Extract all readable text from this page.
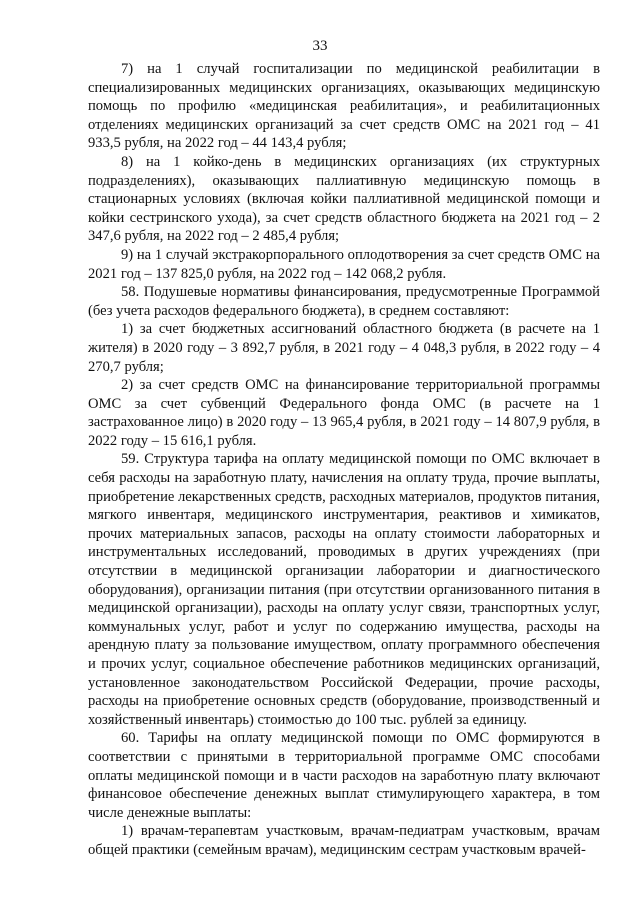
33

7) на 1 случай госпитализации по медицинской реабилитации в специализированных медицинских организациях, оказывающих медицинскую помощь по профилю «медицинская реабилитация», и реабилитационных отделениях медицинских организаций за счет средств ОМС на 2021 год – 41 933,5 рубля, на 2022 год – 44 143,4 рубля;

8) на 1 койко-день в медицинских организациях (их структурных подразделениях), оказывающих паллиативную медицинскую помощь в стационарных условиях (включая койки паллиативной медицинской помощи и койки сестринского ухода), за счет средств областного бюджета на 2021 год – 2 347,6 рубля, на 2022 год – 2 485,4 рубля;

9) на 1 случай экстракорпорального оплодотворения за счет средств ОМС на 2021 год – 137 825,0 рубля, на 2022 год – 142 068,2 рубля.

58. Подушевые нормативы финансирования, предусмотренные Программой (без учета расходов федерального бюджета), в среднем составляют:

1) за счет бюджетных ассигнований областного бюджета (в расчете на 1 жителя) в 2020 году – 3 892,7 рубля, в 2021 году – 4 048,3 рубля, в 2022 году – 4 270,7 рубля;

2) за счет средств ОМС на финансирование территориальной программы ОМС за счет субвенций Федерального фонда ОМС (в расчете на 1 застрахованное лицо) в 2020 году – 13 965,4 рубля, в 2021 году – 14 807,9 рубля, в 2022 году – 15 616,1 рубля.

59. Структура тарифа на оплату медицинской помощи по ОМС включает в себя расходы на заработную плату, начисления на оплату труда, прочие выплаты, приобретение лекарственных средств, расходных материалов, продуктов питания, мягкого инвентаря, медицинского инструментария, реактивов и химикатов, прочих материальных запасов, расходы на оплату стоимости лабораторных и инструментальных исследований, проводимых в других учреждениях (при отсутствии в медицинской организации лаборатории и диагностического оборудования), организации питания (при отсутствии организованного питания в медицинской организации), расходы на оплату услуг связи, транспортных услуг, коммунальных услуг, работ и услуг по содержанию имущества, расходы на арендную плату за пользование имуществом, оплату программного обеспечения и прочих услуг, социальное обеспечение работников медицинских организаций, установленное законодательством Российской Федерации, прочие расходы, расходы на приобретение основных средств (оборудование, производственный и хозяйственный инвентарь) стоимостью до 100 тыс. рублей за единицу.

60. Тарифы на оплату медицинской помощи по ОМС формируются в соответствии с принятыми в территориальной программе ОМС способами оплаты медицинской помощи и в части расходов на заработную плату включают финансовое обеспечение денежных выплат стимулирующего характера, в том числе денежные выплаты:

1) врачам-терапевтам участковым, врачам-педиатрам участковым, врачам общей практики (семейным врачам), медицинским сестрам участковым врачей-
